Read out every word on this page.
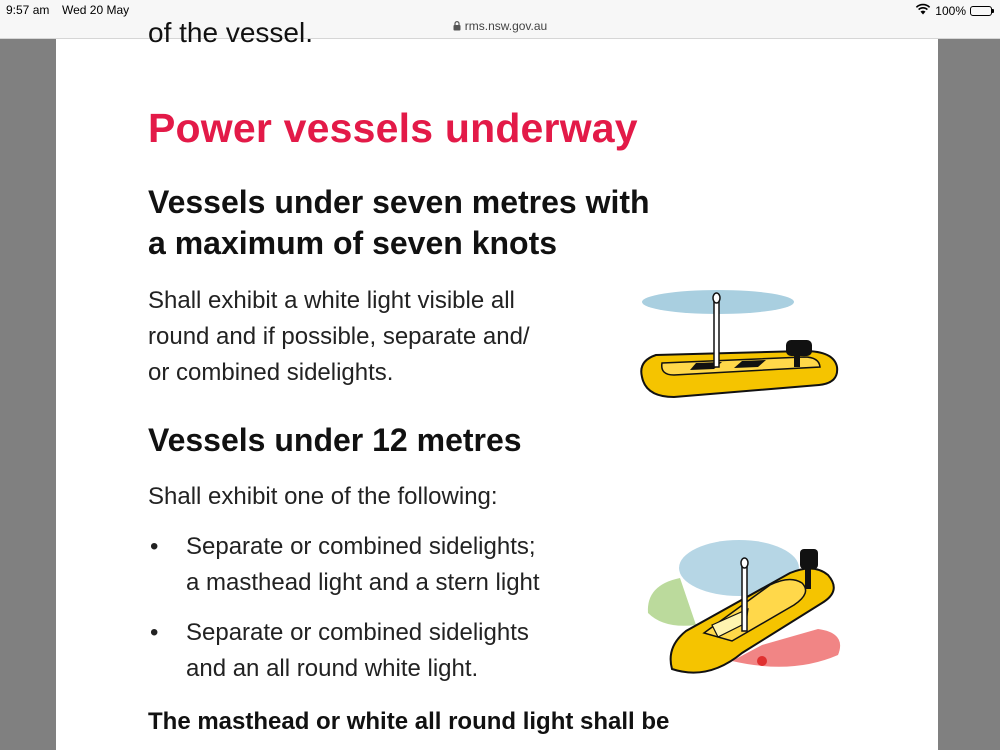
9:57 am Wed 20 May	100%
rms.nsw.gov.au
of the vessel.
Power vessels underway
Vessels under seven metres with
a maximum of seven knots

Shall exhibit a white light visible all

round and if possible, separate and/

or combined sidelights.

Vessels under 12 metres

Shall exhibit one of the following:

• Separate or combined sidelights;
a masthead light and a stern light
• Separate or combined sidelights
and an all round white light.

The masthead or white all round light shall be
